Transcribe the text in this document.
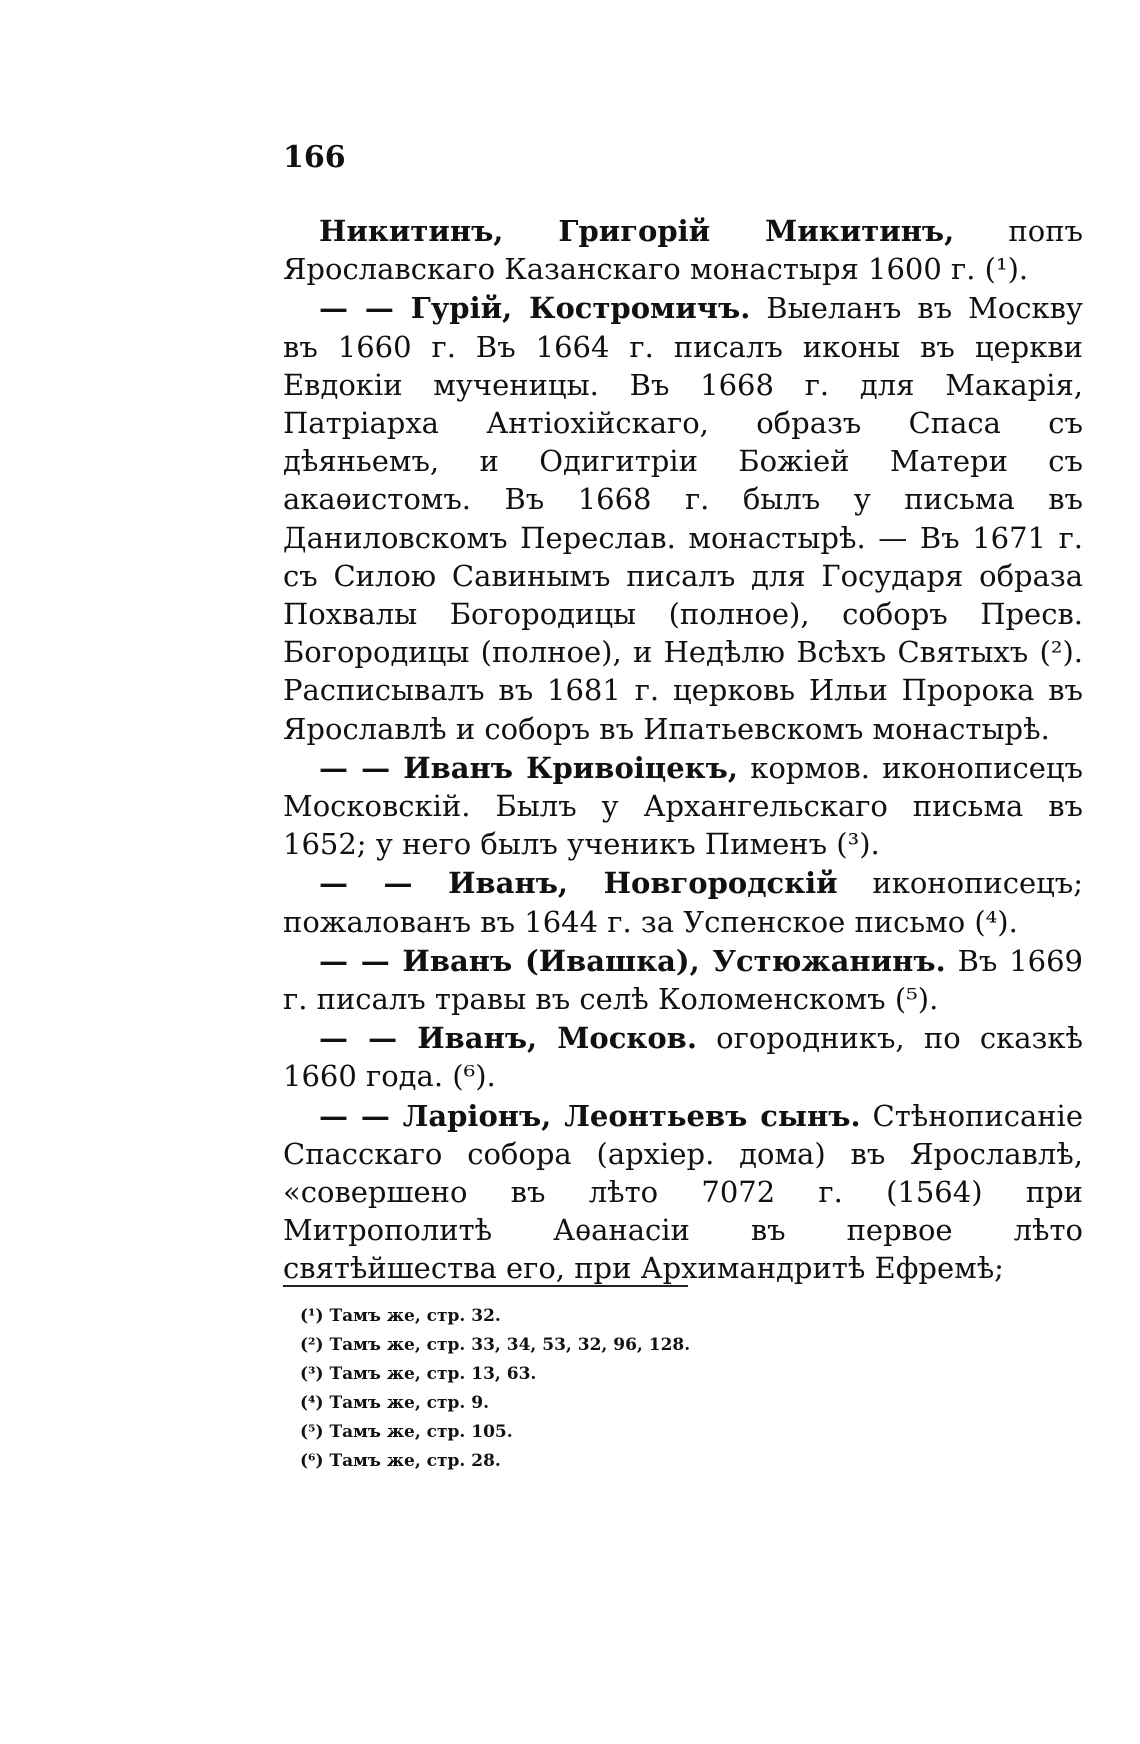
166

Никитинъ, Григорій Микитинъ, попъ Ярославскаго Казанскаго монастыря 1600 г. (¹).

— — Гурій, Костромичъ. Выеланъ въ Москву въ 1660 г. Въ 1664 г. писалъ иконы въ церкви Евдокіи мученицы. Въ 1668 г. для Макарія, Патріарха Антіохійскаго, образъ Спаса съ дѣяньемъ, и Одигитріи Божіей Матери съ акаѳистомъ. Въ 1668 г. былъ у письма въ Даниловскомъ Переслав. монастырѣ. — Въ 1671 г. съ Силою Савинымъ писалъ для Государя образа Похвалы Богородицы (полное), соборъ Пресв. Богородицы (полное), и Недѣлю Всѣхъ Святыхъ (²). Расписывалъ въ 1681 г. церковь Ильи Пророка въ Ярославлѣ и соборъ въ Ипатьевскомъ монастырѣ.

— — Иванъ Кривоіцекъ, кормов. иконописецъ Московскій. Былъ у Архангельскаго письма въ 1652; у него былъ ученикъ Пименъ (³).

— — Иванъ, Новгородскій иконописецъ; пожалованъ въ 1644 г. за Успенское письмо (⁴).

— — Иванъ (Ивашка), Устюжанинъ. Въ 1669 г. писалъ травы въ селѣ Коломенскомъ (⁵).

— — Иванъ, Москов. огородникъ, по сказкѣ 1660 года. (⁶).

— — Ларіонъ, Леонтьевъ сынъ. Стѣнописаніе Спасскаго собора (архіер. дома) въ Ярославлѣ, «совершено въ лѣто 7072 г. (1564) при Митрополитѣ Аѳанасіи въ первое лѣто святѣйшества его, при Архимандритѣ Ефремѣ;

(¹) Тамъ же, стр. 32.
(²) Тамъ же, стр. 33, 34, 53, 32, 96, 128.
(³) Тамъ же, стр. 13, 63.
(⁴) Тамъ же, стр. 9.
(⁵) Тамъ же, стр. 105.
(⁶) Тамъ же, стр. 28.
